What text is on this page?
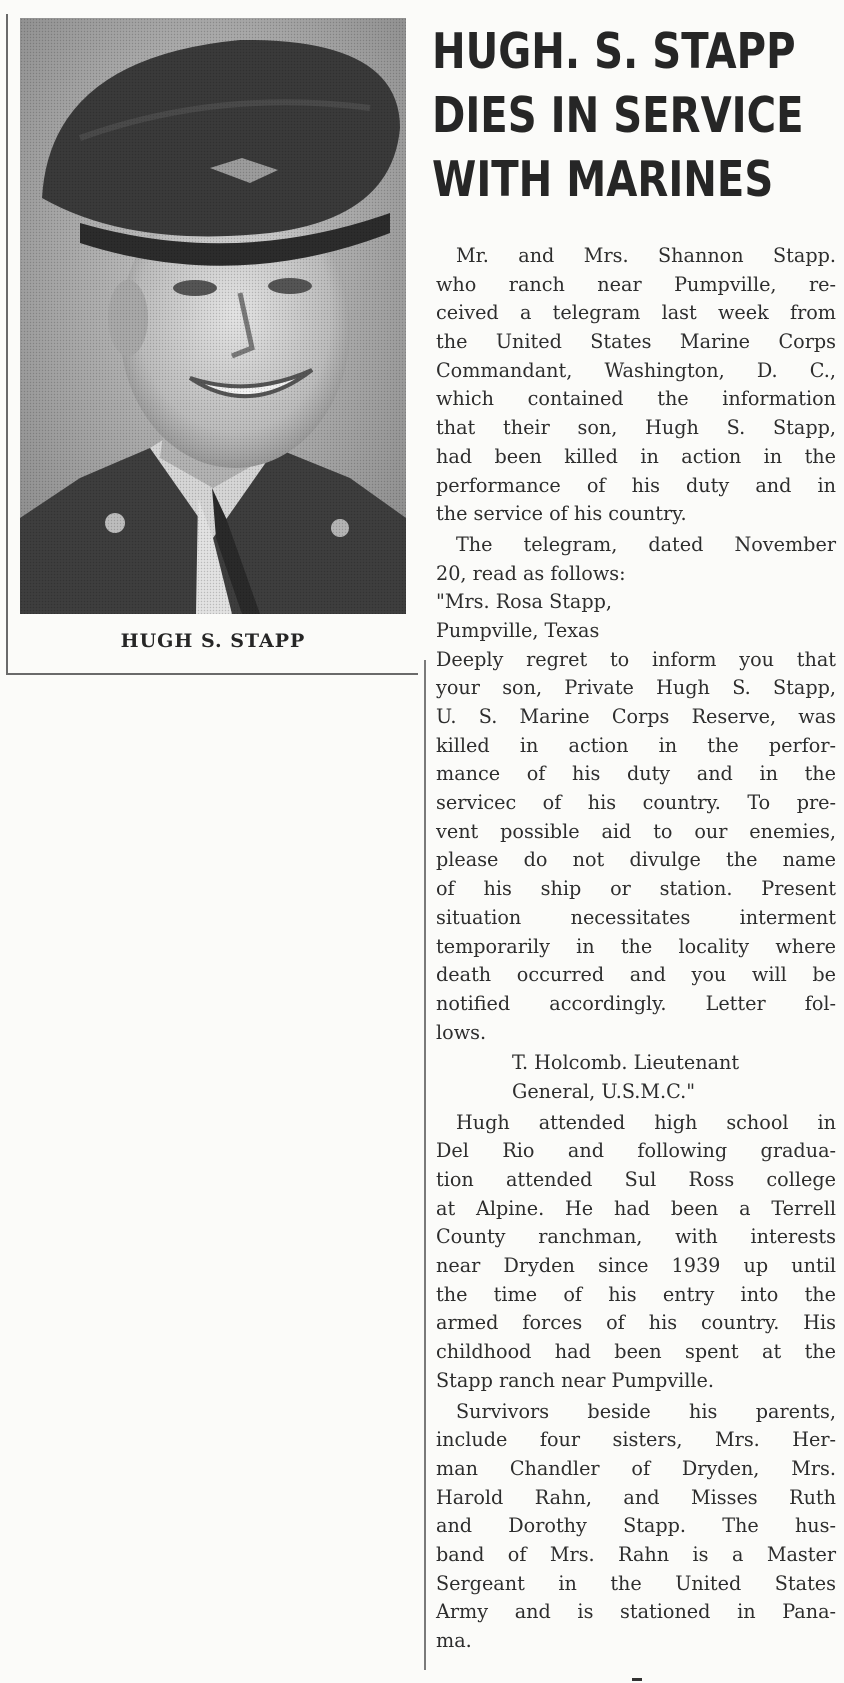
HUGH S. STAPP
HUGH. S. STAPP
DIES IN SERVICE
WITH MARINES
Mr. and Mrs. Shannon Stapp.
who ranch near Pumpville, re-
ceived a telegram last week from
the United States Marine Corps
Commandant, Washington, D. C.,
which contained the information
that their son, Hugh S. Stapp,
had been killed in action in the
performance of his duty and in
the service of his country.
The telegram, dated November
20, read as follows:
"Mrs. Rosa Stapp,
Pumpville, Texas
Deeply regret to inform you that
your son, Private Hugh S. Stapp,
U. S. Marine Corps Reserve, was
killed in action in the perfor-
mance of his duty and in the
servicec of his country. To pre-
vent possible aid to our enemies,
please do not divulge the name
of his ship or station. Present
situation necessitates interment
temporarily in the locality where
death occurred and you will be
notified accordingly. Letter fol-
lows.
T. Holcomb. Lieutenant
General, U.S.M.C."
Hugh attended high school in
Del Rio and following gradua-
tion attended Sul Ross college
at Alpine. He had been a Terrell
County ranchman, with interests
near Dryden since 1939 up until
the time of his entry into the
armed forces of his country. His
childhood had been spent at the
Stapp ranch near Pumpville.
Survivors beside his parents,
include four sisters, Mrs. Her-
man Chandler of Dryden, Mrs.
Harold Rahn, and Misses Ruth
and Dorothy Stapp. The hus-
band of Mrs. Rahn is a Master
Sergeant in the United States
Army and is stationed in Pana-
ma.
